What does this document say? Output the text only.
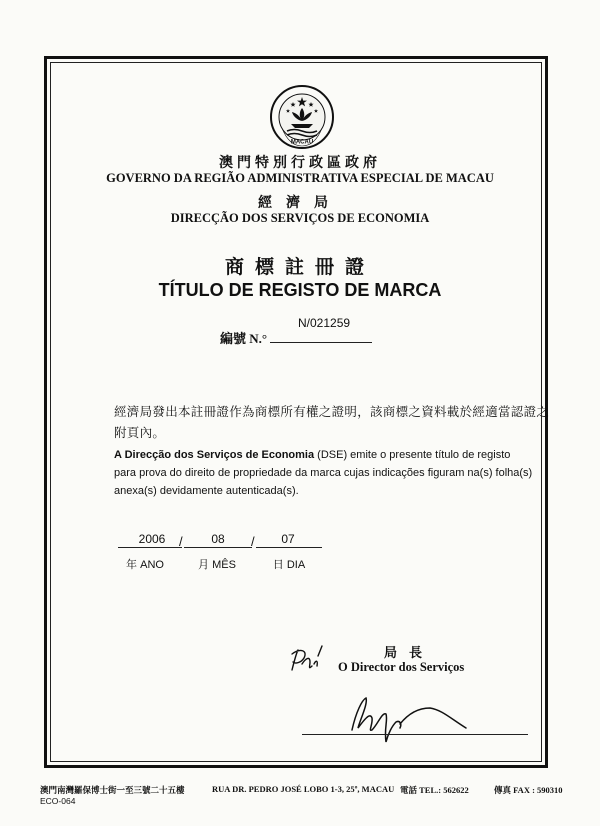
MACAU
澳門特別行政區政府
GOVERNO DA REGIÃO ADMINISTRATIVA ESPECIAL DE MACAU
經濟局
DIRECÇÃO DOS SERVIÇOS DE ECONOMIA
商標註冊證
TÍTULO DE REGISTO DE MARCA
編號 N.°
N/021259
經濟局發出本註冊證作為商標所有權之證明，該商標之資料載於經適當認證之附頁內。
A Direcção dos Serviços de Economia (DSE) emite o presente título de registo para prova do direito de propriedade da marca cujas indicações figuram na(s) folha(s) anexa(s) devidamente autenticada(s).
2006	/	08	/	07
年 ANO	月 MÊS	日 DIA
局長
O Director dos Serviços
澳門南灣羅保博士街一至三號二十五樓	RUA DR. PEDRO JOSÉ LOBO 1-3, 25º, MACAU 電話 TEL.: 562622	傳真 FAX : 590310
ECO-064
